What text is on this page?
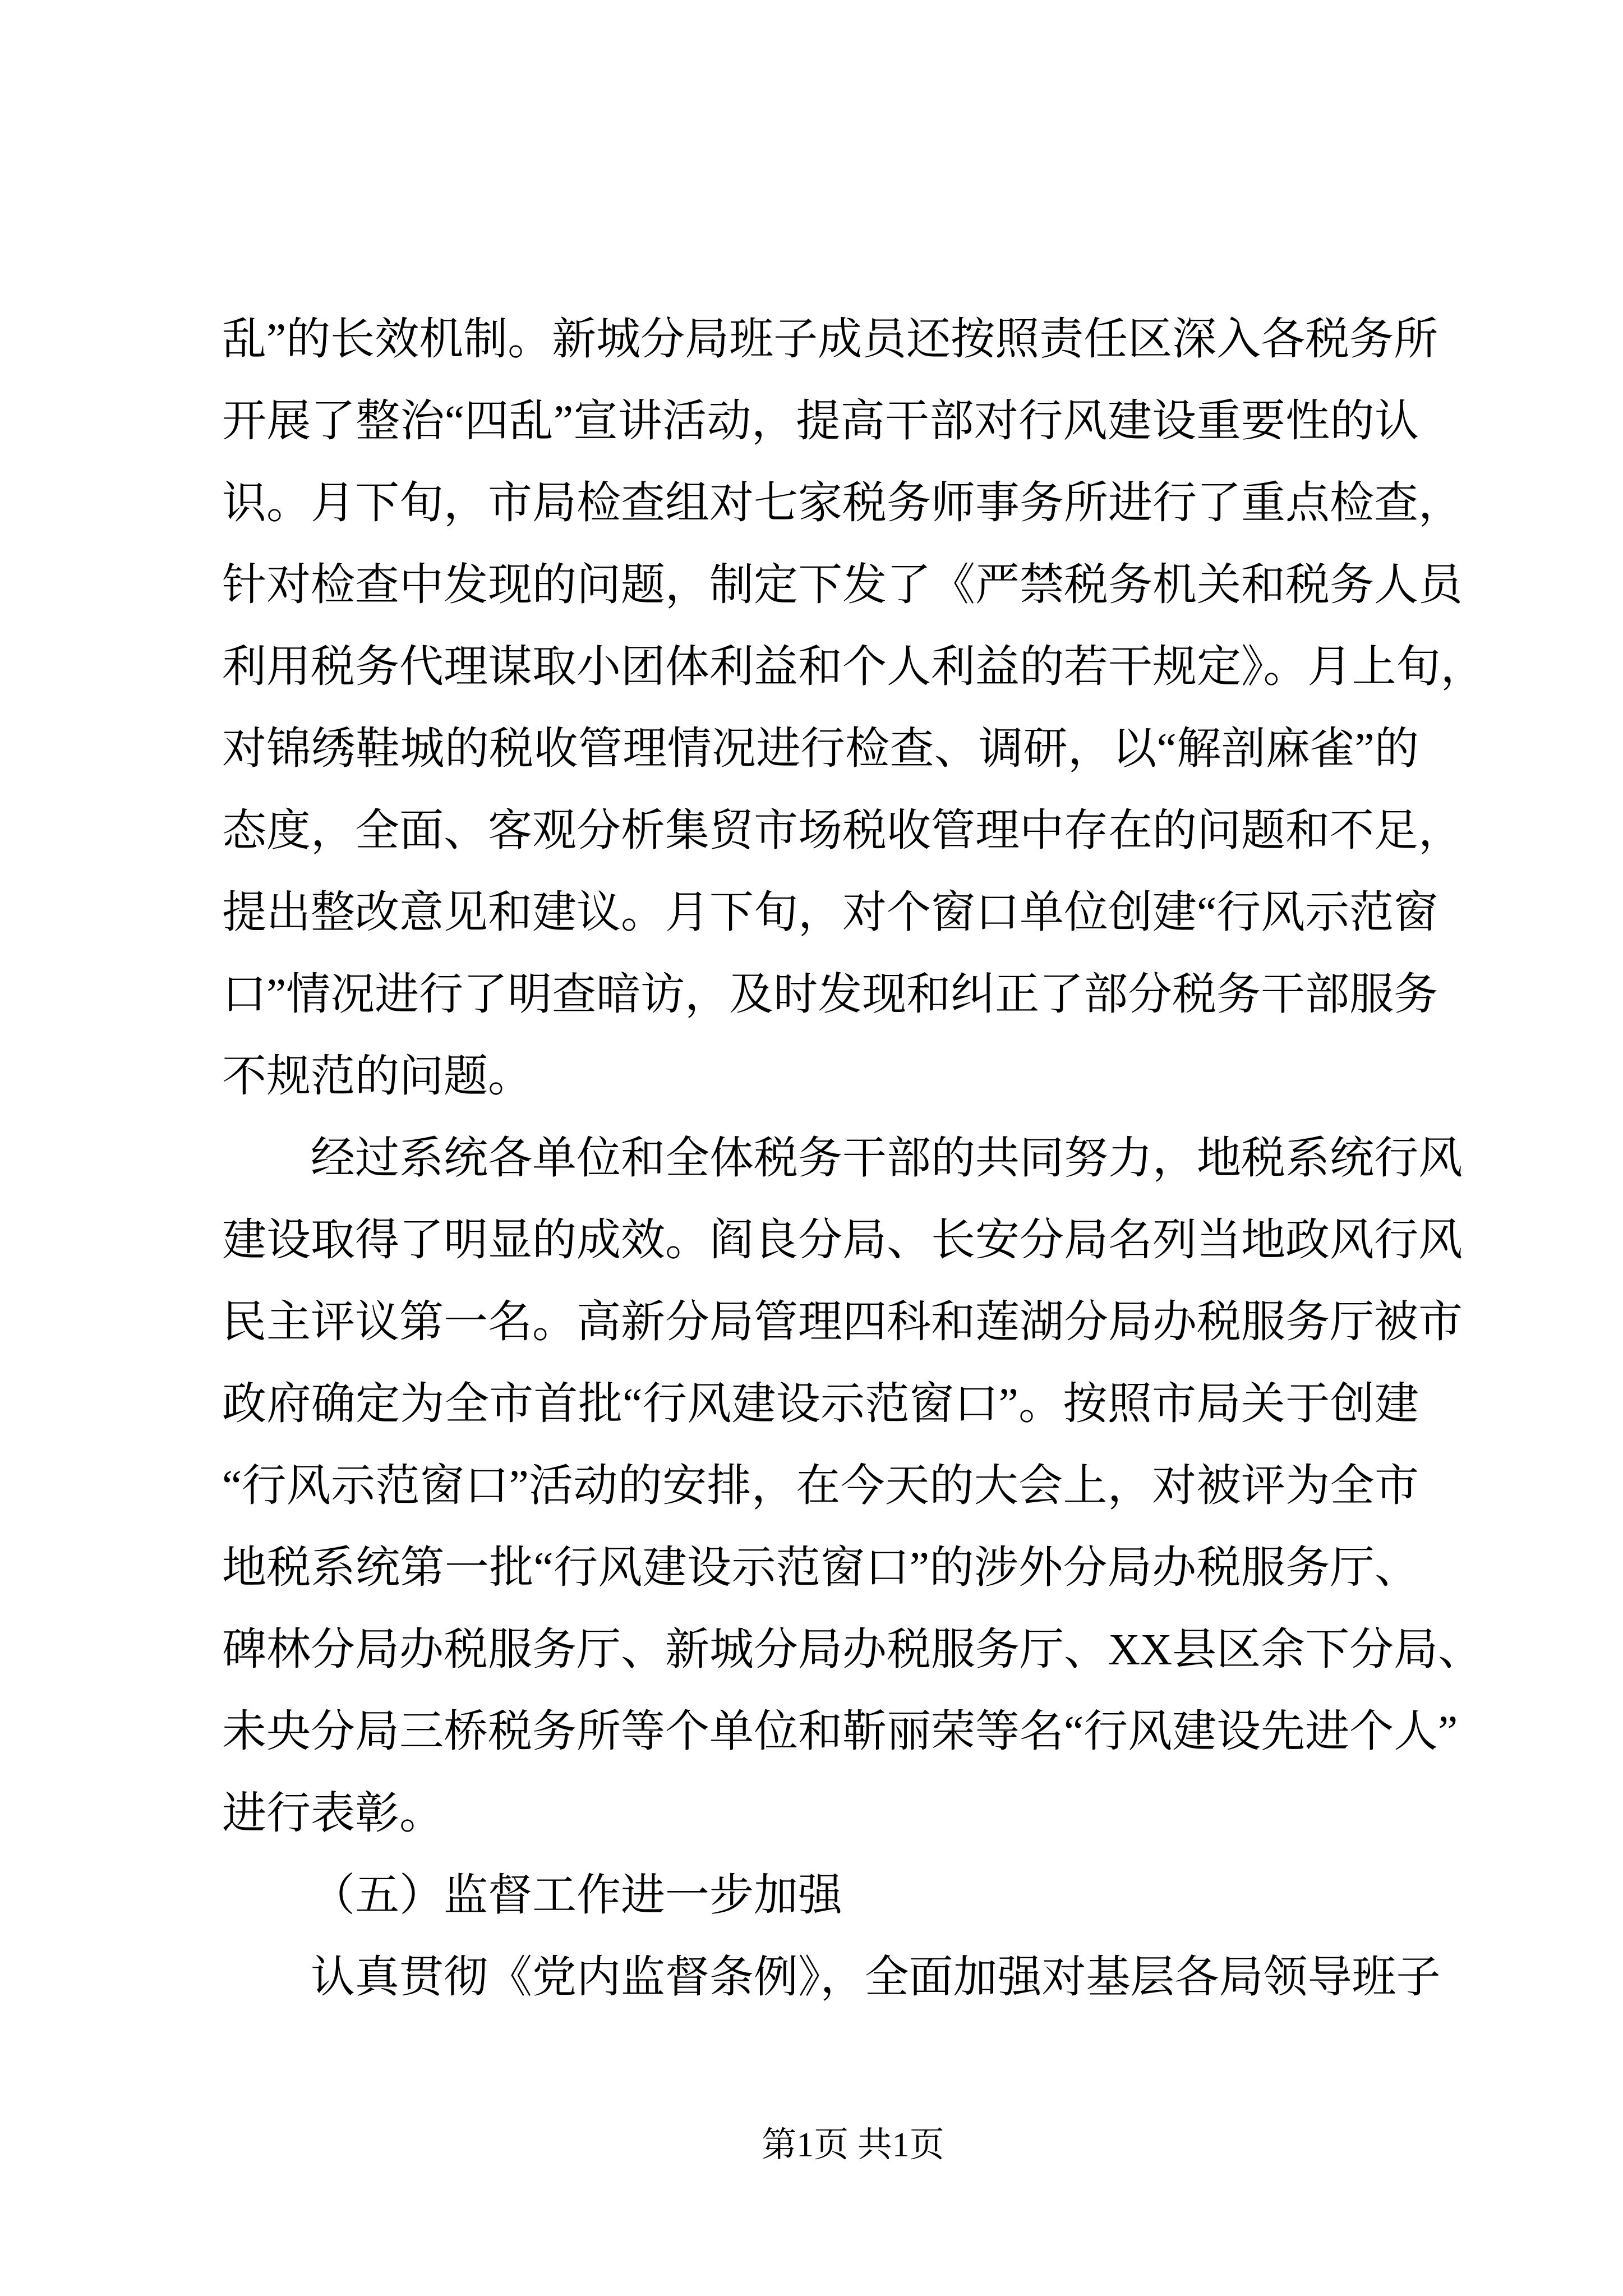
乱”的长效机制。新城分局班子成员还按照责任区深入各税务所
开展了整治“四乱”宣讲活动，提高干部对行风建设重要性的认
识。月下旬，市局检查组对七家税务师事务所进行了重点检查，
针对检查中发现的问题，制定下发了《严禁税务机关和税务人员
利用税务代理谋取小团体利益和个人利益的若干规定》。月上旬，
对锦绣鞋城的税收管理情况进行检查、调研，以“解剖麻雀”的
态度，全面、客观分析集贸市场税收管理中存在的问题和不足，
提出整改意见和建议。月下旬，对个窗口单位创建“行风示范窗
口”情况进行了明查暗访，及时发现和纠正了部分税务干部服务
不规范的问题。
经过系统各单位和全体税务干部的共同努力，地税系统行风
建设取得了明显的成效。阎良分局、长安分局名列当地政风行风
民主评议第一名。高新分局管理四科和莲湖分局办税服务厅被市
政府确定为全市首批“行风建设示范窗口”。按照市局关于创建
“行风示范窗口”活动的安排，在今天的大会上，对被评为全市
地税系统第一批“行风建设示范窗口”的涉外分局办税服务厅、
碑林分局办税服务厅、新城分局办税服务厅、XX县区余下分局、
未央分局三桥税务所等个单位和靳丽荣等名“行风建设先进个人”
进行表彰。
（五）监督工作进一步加强
认真贯彻《党内监督条例》，全面加强对基层各局领导班子
第1页 共1页
